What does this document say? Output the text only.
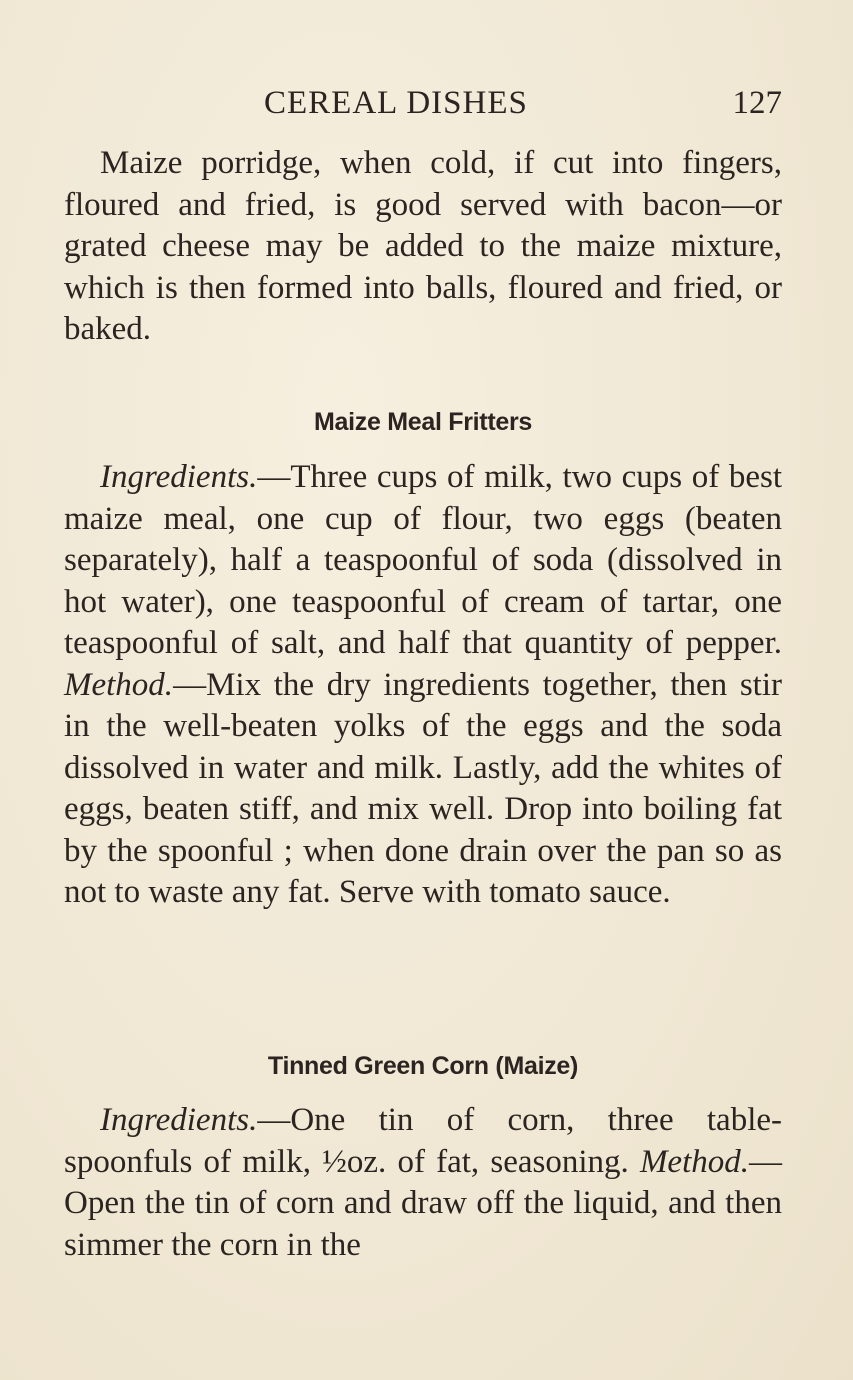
CEREAL DISHES	127

Maize porridge, when cold, if cut into fingers, floured and fried, is good served with bacon—or grated cheese may be added to the maize mixture, which is then formed into balls, floured and fried, or baked.

Maize Meal Fritters

Ingredients.—Three cups of milk, two cups of best maize meal, one cup of flour, two eggs (beaten separately), half a teaspoonful of soda (dissolved in hot water), one teaspoonful of cream of tartar, one teaspoonful of salt, and half that quantity of pepper. Method.—Mix the dry ingredients together, then stir in the well-beaten yolks of the eggs and the soda dissolved in water and milk. Lastly, add the whites of eggs, beaten stiff, and mix well. Drop into boiling fat by the spoonful ; when done drain over the pan so as not to waste any fat. Serve with tomato sauce.

Tinned Green Corn (Maize)

Ingredients.—One tin of corn, three table-spoonfuls of milk, ½oz. of fat, seasoning. Method.—Open the tin of corn and draw off the liquid, and then simmer the corn in the
